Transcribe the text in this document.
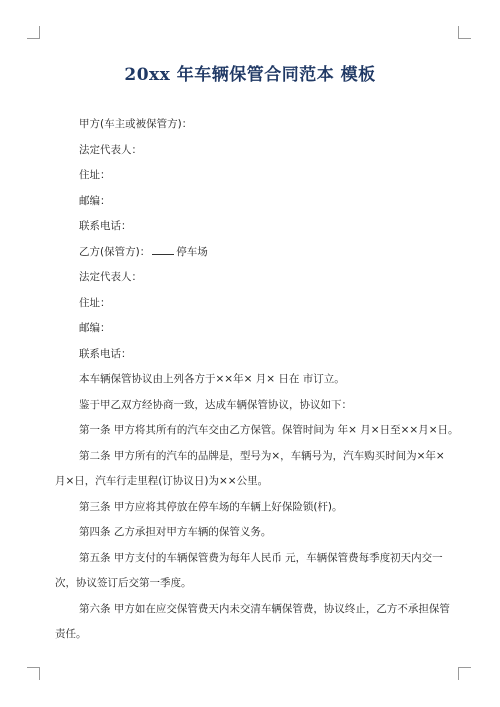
20xx 年车辆保管合同范本 模板
甲方(车主或被保管方)：
法定代表人：
住址：
邮编：
联系电话：
乙方(保管方)： 停车场
法定代表人：
住址：
邮编：
联系电话：
本车辆保管协议由上列各方于××年× 月× 日在 市订立。
鉴于甲乙双方经协商一致，达成车辆保管协议，协议如下：
第一条 甲方将其所有的汽车交由乙方保管。保管时间为 年× 月×日至××月×日。
第二条 甲方所有的汽车的品牌是，型号为×，车辆号为，汽车购买时间为×年×
月×日，汽车行走里程(订协议日)为××公里。
第三条 甲方应将其停放在停车场的车辆上好保险锁(杆)。
第四条 乙方承担对甲方车辆的保管义务。
第五条 甲方支付的车辆保管费为每年人民币 元，车辆保管费每季度初天内交一
次，协议签订后交第一季度。
第六条 甲方如在应交保管费天内未交清车辆保管费，协议终止，乙方不承担保管
责任。
